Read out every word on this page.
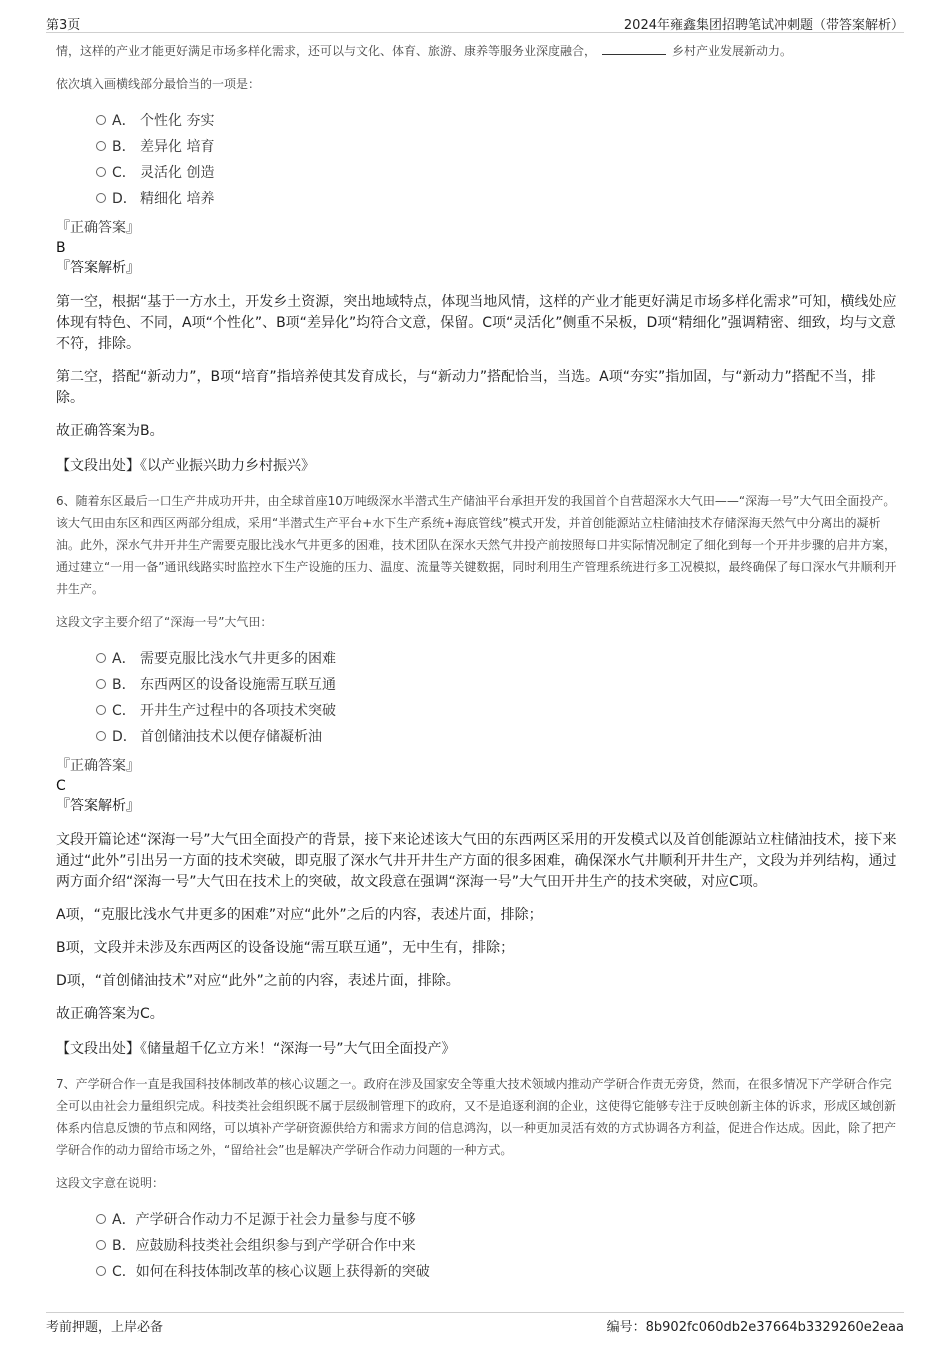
第3页	2024年雍鑫集团招聘笔试冲刺题（带答案解析）

情，这样的产业才能更好满足市场多样化需求，还可以与文化、体育、旅游、康养等服务业深度融合，	乡村产业发展新动力。

依次填入画横线部分最恰当的一项是：

A． 个性化 夯实
B． 差异化 培育
C． 灵活化 创造
D． 精细化 培养

『正确答案』

B

『答案解析』

第一空，根据“基于一方水土，开发乡土资源，突出地域特点，体现当地风情，这样的产业才能更好满足市场多样化需求”可知，横线处应体现有特色、不同，A项“个性化”、B项“差异化”均符合文意，保留。C项“灵活化”侧重不呆板，D项“精细化”强调精密、细致，均与文意不符，排除。

第二空，搭配“新动力”，B项“培育”指培养使其发育成长，与“新动力”搭配恰当，当选。A项“夯实”指加固，与“新动力”搭配不当，排除。

故正确答案为B。

【文段出处】《以产业振兴助力乡村振兴》

6、随着东区最后一口生产井成功开井，由全球首座10万吨级深水半潜式生产储油平台承担开发的我国首个自营超深水大气田——“深海一号”大气田全面投产。该大气田由东区和西区两部分组成，采用“半潜式生产平台+水下生产系统+海底管线”模式开发，并首创能源站立柱储油技术存储深海天然气中分离出的凝析油。此外，深水气井开井生产需要克服比浅水气井更多的困难，技术团队在深水天然气井投产前按照每口井实际情况制定了细化到每一个开井步骤的启井方案，通过建立“一用一备”通讯线路实时监控水下生产设施的压力、温度、流量等关键数据，同时利用生产管理系统进行多工况模拟，最终确保了每口深水气井顺利开井生产。

这段文字主要介绍了“深海一号”大气田：

A． 需要克服比浅水气井更多的困难
B． 东西两区的设备设施需互联互通
C． 开井生产过程中的各项技术突破
D． 首创储油技术以便存储凝析油

『正确答案』

C

『答案解析』

文段开篇论述“深海一号”大气田全面投产的背景，接下来论述该大气田的东西两区采用的开发模式以及首创能源站立柱储油技术，接下来通过“此外”引出另一方面的技术突破，即克服了深水气井开井生产方面的很多困难，确保深水气井顺利开井生产，文段为并列结构，通过两方面介绍“深海一号”大气田在技术上的突破，故文段意在强调“深海一号”大气田开井生产的技术突破，对应C项。

A项，“克服比浅水气井更多的困难”对应“此外”之后的内容，表述片面，排除；

B项，文段并未涉及东西两区的设备设施“需互联互通”，无中生有，排除；

D项，“首创储油技术”对应“此外”之前的内容，表述片面，排除。

故正确答案为C。

【文段出处】《储量超千亿立方米！“深海一号”大气田全面投产》

7、产学研合作一直是我国科技体制改革的核心议题之一。政府在涉及国家安全等重大技术领域内推动产学研合作责无旁贷，然而，在很多情况下产学研合作完全可以由社会力量组织完成。科技类社会组织既不属于层级制管理下的政府，又不是追逐利润的企业，这使得它能够专注于反映创新主体的诉求，形成区域创新体系内信息反馈的节点和网络，可以填补产学研资源供给方和需求方间的信息鸿沟，以一种更加灵活有效的方式协调各方利益，促进合作达成。因此，除了把产学研合作的动力留给市场之外，“留给社会”也是解决产学研合作动力问题的一种方式。

这段文字意在说明：

A．产学研合作动力不足源于社会力量参与度不够
B．应鼓励科技类社会组织参与到产学研合作中来
C．如何在科技体制改革的核心议题上获得新的突破
考前押题，上岸必备	编号：8b902fc060db2e37664b3329260e2eaa
